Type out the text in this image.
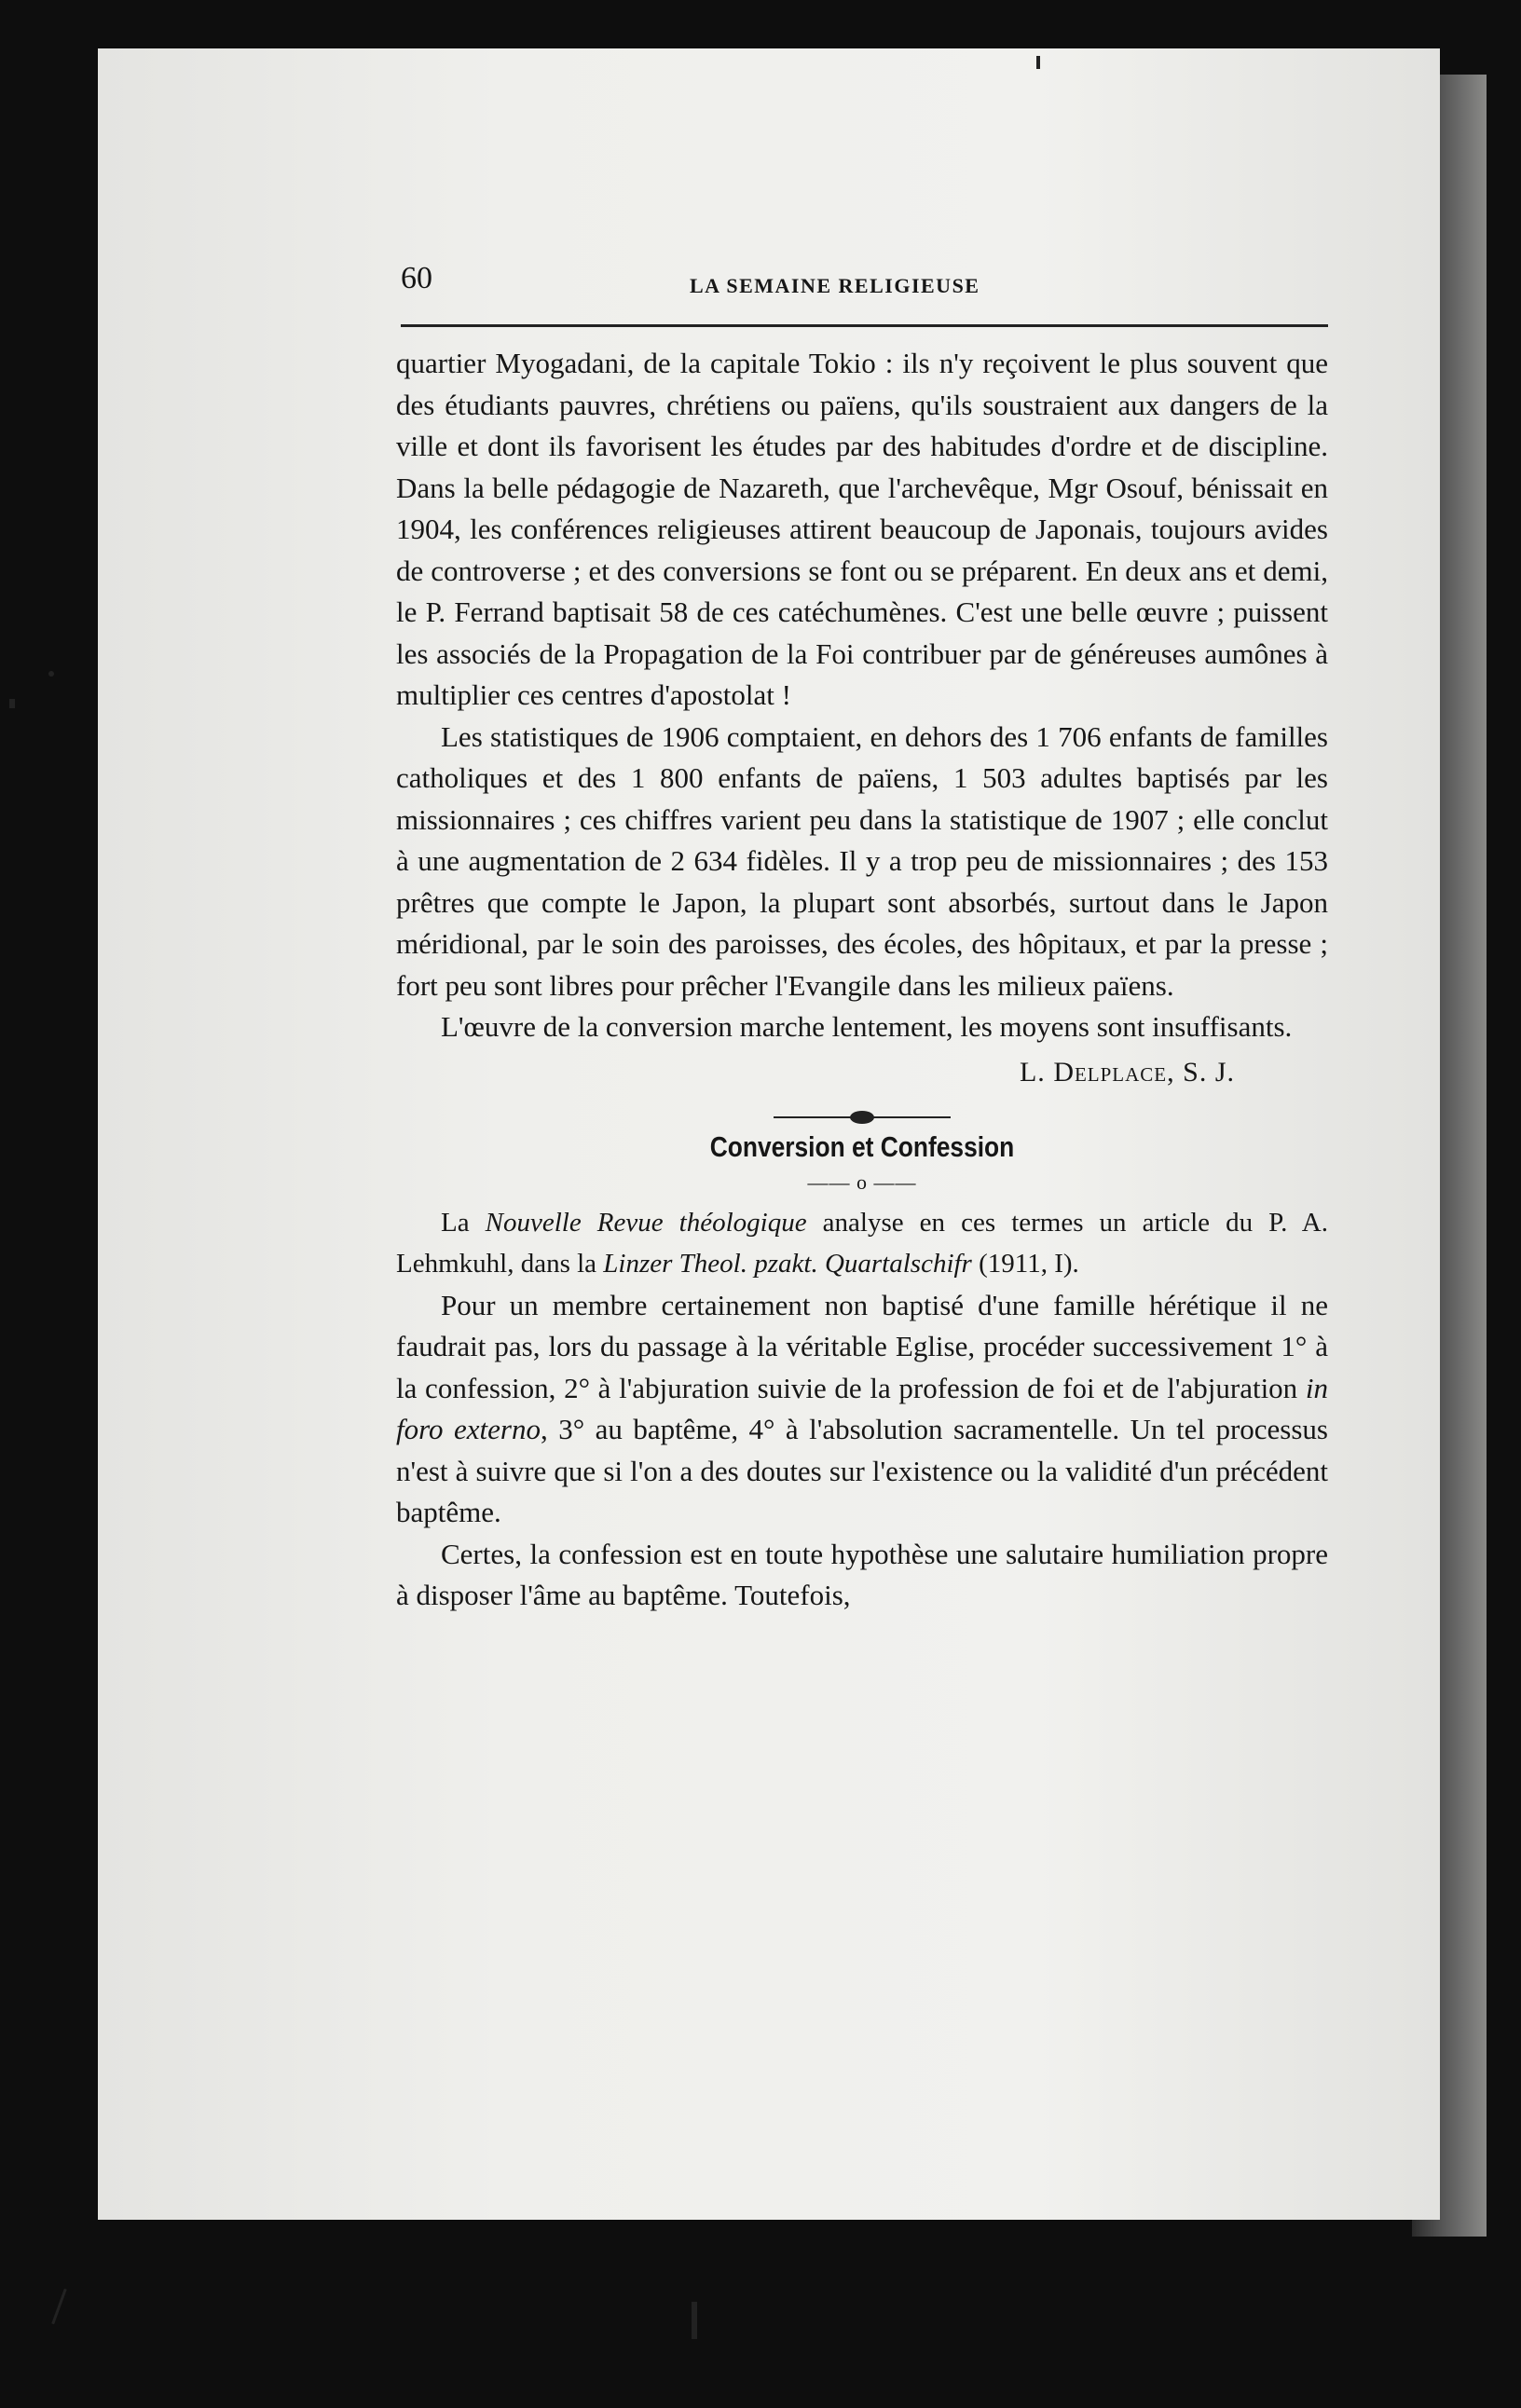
60	LA SEMAINE RELIGIEUSE

quartier Myogadani, de la capitale Tokio : ils n'y reçoivent le plus souvent que des étudiants pauvres, chrétiens ou païens, qu'ils soustraient aux dangers de la ville et dont ils favorisent les études par des habitudes d'ordre et de discipline. Dans la belle pédagogie de Nazareth, que l'archevêque, Mgr Osouf, bénissait en 1904, les conférences religieuses attirent beaucoup de Japonais, toujours avides de controverse ; et des conversions se font ou se préparent. En deux ans et demi, le P. Ferrand baptisait 58 de ces catéchumènes. C'est une belle œuvre ; puissent les associés de la Propagation de la Foi contribuer par de généreuses aumônes à multiplier ces centres d'apostolat !

Les statistiques de 1906 comptaient, en dehors des 1 706 enfants de familles catholiques et des 1 800 enfants de païens, 1 503 adultes baptisés par les missionnaires ; ces chiffres varient peu dans la statistique de 1907 ; elle conclut à une augmentation de 2 634 fidèles. Il y a trop peu de missionnaires ; des 153 prêtres que compte le Japon, la plupart sont absorbés, surtout dans le Japon méridional, par le soin des paroisses, des écoles, des hôpitaux, et par la presse ; fort peu sont libres pour prêcher l'Evangile dans les milieux païens.

L'œuvre de la conversion marche lentement, les moyens sont insuffisants.

L. Delplace, S. J.

Conversion et Confession

—— o ——

La Nouvelle Revue théologique analyse en ces termes un article du P. A. Lehmkuhl, dans la Linzer Theol. pzakt. Quartalschifr (1911, I).

Pour un membre certainement non baptisé d'une famille hérétique il ne faudrait pas, lors du passage à la véritable Eglise, procéder successivement 1° à la confession, 2° à l'abjuration suivie de la profession de foi et de l'abjuration in foro externo, 3° au baptême, 4° à l'absolution sacramentelle. Un tel processus n'est à suivre que si l'on a des doutes sur l'existence ou la validité d'un précédent baptême.

Certes, la confession est en toute hypothèse une salutaire humiliation propre à disposer l'âme au baptême. Toutefois,
